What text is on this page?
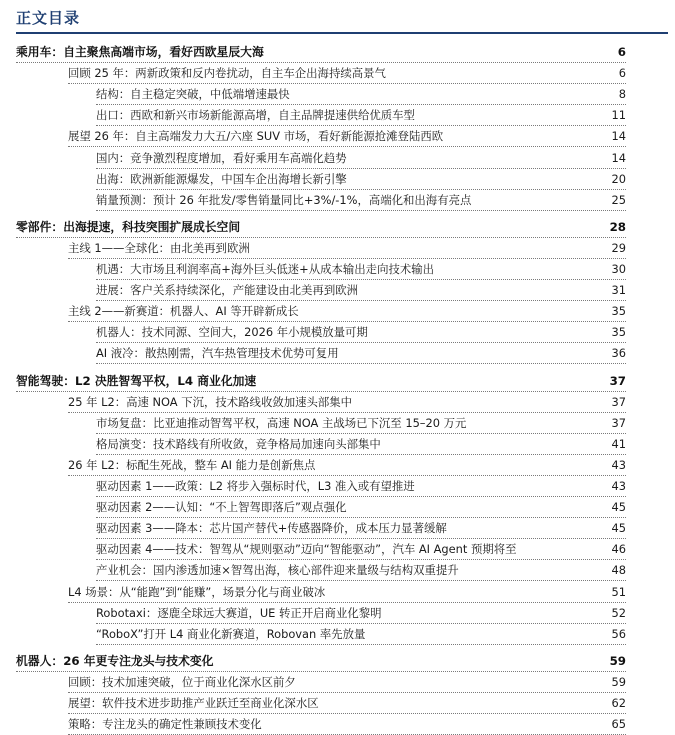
正文目录
乘用车：自主聚焦高端市场，看好西欧星辰大海	6
回顾 25 年：两新政策和反内卷扰动，自主车企出海持续高景气	6
结构：自主稳定突破，中低端增速最快	8
出口：西欧和新兴市场新能源高增，自主品牌提速供给优质车型	11
展望 26 年：自主高端发力大五/六座 SUV 市场，看好新能源抢滩登陆西欧	14
国内：竞争激烈程度增加，看好乘用车高端化趋势	14
出海：欧洲新能源爆发，中国车企出海增长新引擎	20
销量预测：预计 26 年批发/零售销量同比+3%/-1%，高端化和出海有亮点	25
零部件：出海提速，科技突围扩展成长空间	28
主线 1——全球化：由北美再到欧洲	29
机遇：大市场且利润率高+海外巨头低迷+从成本输出走向技术输出	30
进展：客户关系持续深化，产能建设由北美再到欧洲	31
主线 2——新赛道：机器人、AI 等开辟新成长	35
机器人：技术同源、空间大，2026 年小规模放量可期	35
AI 液冷：散热刚需，汽车热管理技术优势可复用	36
智能驾驶：L2 决胜智驾平权，L4 商业化加速	37
25 年 L2：高速 NOA 下沉，技术路线收敛加速头部集中	37
市场复盘：比亚迪推动智驾平权，高速 NOA 主战场已下沉至 15–20 万元	37
格局演变：技术路线有所收敛，竞争格局加速向头部集中	41
26 年 L2：标配生死战，整车 AI 能力是创新焦点	43
驱动因素 1——政策：L2 将步入强标时代，L3 准入或有望推进	43
驱动因素 2——认知：“不上智驾即落后”观点强化	45
驱动因素 3——降本：芯片国产替代+传感器降价，成本压力显著缓解	45
驱动因素 4——技术：智驾从“规则驱动”迈向“智能驱动”，汽车 AI Agent 预期将至	46
产业机会：国内渗透加速×智驾出海，核心部件迎来量级与结构双重提升	48
L4 场景：从“能跑”到“能赚”，场景分化与商业破冰	51
Robotaxi：逐鹿全球远大赛道，UE 转正开启商业化黎明	52
“RoboX”打开 L4 商业化新赛道，Robovan 率先放量	56
机器人：26 年更专注龙头与技术变化	59
回顾：技术加速突破，位于商业化深水区前夕	59
展望：软件技术进步助推产业跃迁至商业化深水区	62
策略：专注龙头的确定性兼顾技术变化	65
